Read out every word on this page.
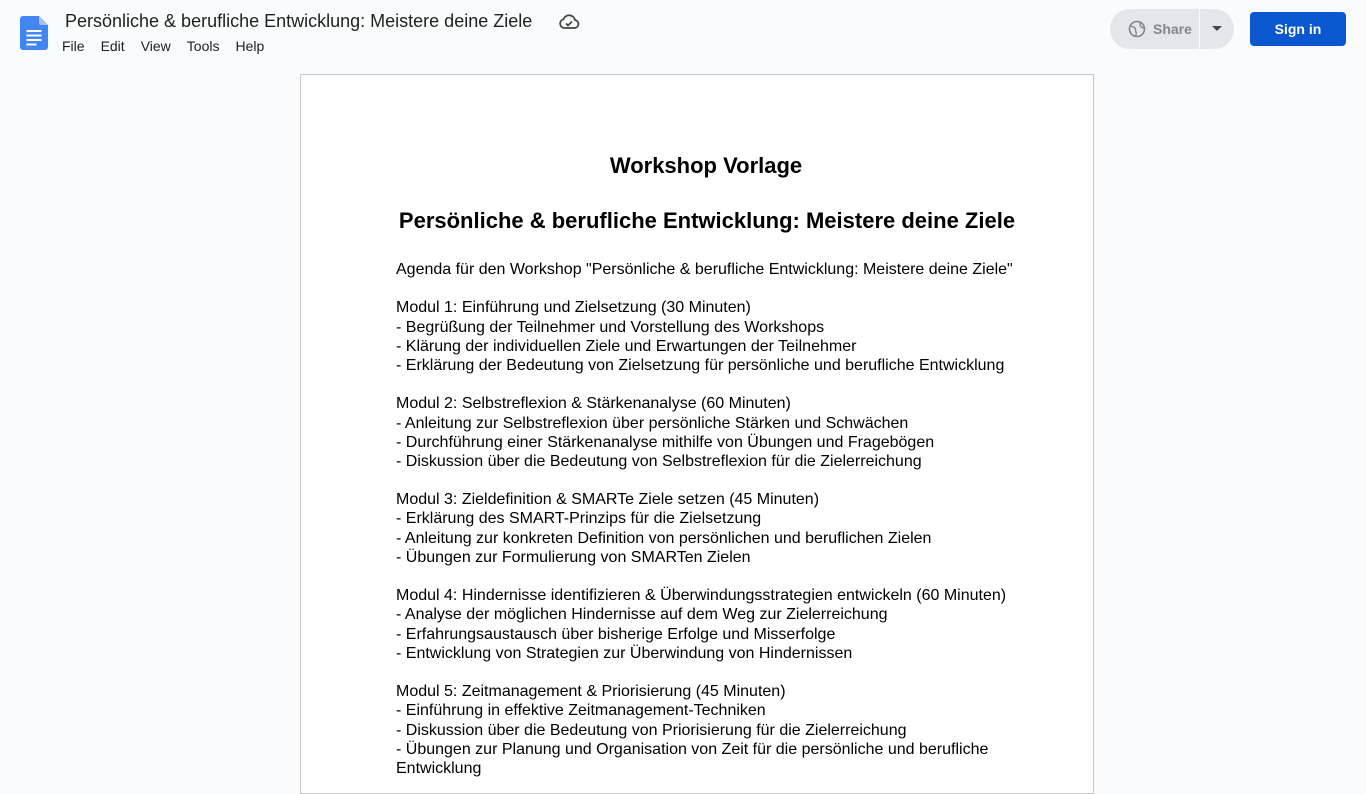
Persönliche & berufliche Entwicklung: Meistere deine Ziele
File	Edit	View	Tools	Help
Share	Sign in
Workshop Vorlage
Persönliche & berufliche Entwicklung: Meistere deine Ziele
Agenda für den Workshop "Persönliche & berufliche Entwicklung: Meistere deine Ziele"
Modul 1: Einführung und Zielsetzung (30 Minuten)
- Begrüßung der Teilnehmer und Vorstellung des Workshops
- Klärung der individuellen Ziele und Erwartungen der Teilnehmer
- Erklärung der Bedeutung von Zielsetzung für persönliche und berufliche Entwicklung
Modul 2: Selbstreflexion & Stärkenanalyse (60 Minuten)
- Anleitung zur Selbstreflexion über persönliche Stärken und Schwächen
- Durchführung einer Stärkenanalyse mithilfe von Übungen und Fragebögen
- Diskussion über die Bedeutung von Selbstreflexion für die Zielerreichung
Modul 3: Zieldefinition & SMARTe Ziele setzen (45 Minuten)
- Erklärung des SMART-Prinzips für die Zielsetzung
- Anleitung zur konkreten Definition von persönlichen und beruflichen Zielen
- Übungen zur Formulierung von SMARTen Zielen
Modul 4: Hindernisse identifizieren & Überwindungsstrategien entwickeln (60 Minuten)
- Analyse der möglichen Hindernisse auf dem Weg zur Zielerreichung
- Erfahrungsaustausch über bisherige Erfolge und Misserfolge
- Entwicklung von Strategien zur Überwindung von Hindernissen
Modul 5: Zeitmanagement & Priorisierung (45 Minuten)
- Einführung in effektive Zeitmanagement-Techniken
- Diskussion über die Bedeutung von Priorisierung für die Zielerreichung
- Übungen zur Planung und Organisation von Zeit für die persönliche und berufliche
Entwicklung
